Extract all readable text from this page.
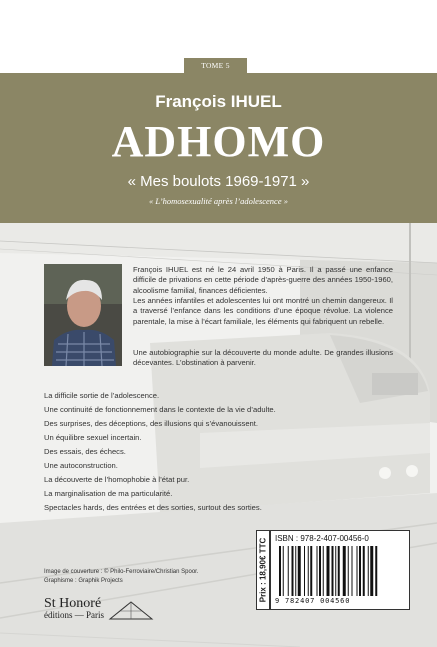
TOME 5
François IHUEL
ADHOMO
« Mes boulots 1969-1971 »
« L’homosexualité après l’adolescence »
François IHUEL est né le 24 avril 1950 à Paris. Il a passé une enfance difficile de privations en cette période d’après-guerre des années 1950-1960, alcoolisme familial, finances déficientes.
Les années infantiles et adolescentes lui ont montré un chemin dangereux. Il a traversé l’enfance dans les conditions d’une époque révolue. La violence parentale, la mise à l’écart familiale, les éléments qui fabriquent un rebelle.
Une autobiographie sur la découverte du monde adulte. De grandes illusions décevantes. L’obstination à parvenir.
La difficile sortie de l’adolescence.
Une continuité de fonctionnement dans le contexte de la vie d’adulte.
Des surprises, des déceptions, des illusions qui s’évanouissent.
Un équilibre sexuel incertain.
Des essais, des échecs.
Une autoconstruction.
La découverte de l’homophobie à l’état pur.
La marginalisation de ma particularité.
Spectacles hards, des entrées et des sorties, surtout des sorties.
Image de couverture : © Philo-Ferroviaire/Christian Spoor.
Graphisme : Graphik Projects
St Honoré
éditions — Paris
Prix : 18,90€ TTC ISBN : 978-2-407-00456-0
9 782407 004560
